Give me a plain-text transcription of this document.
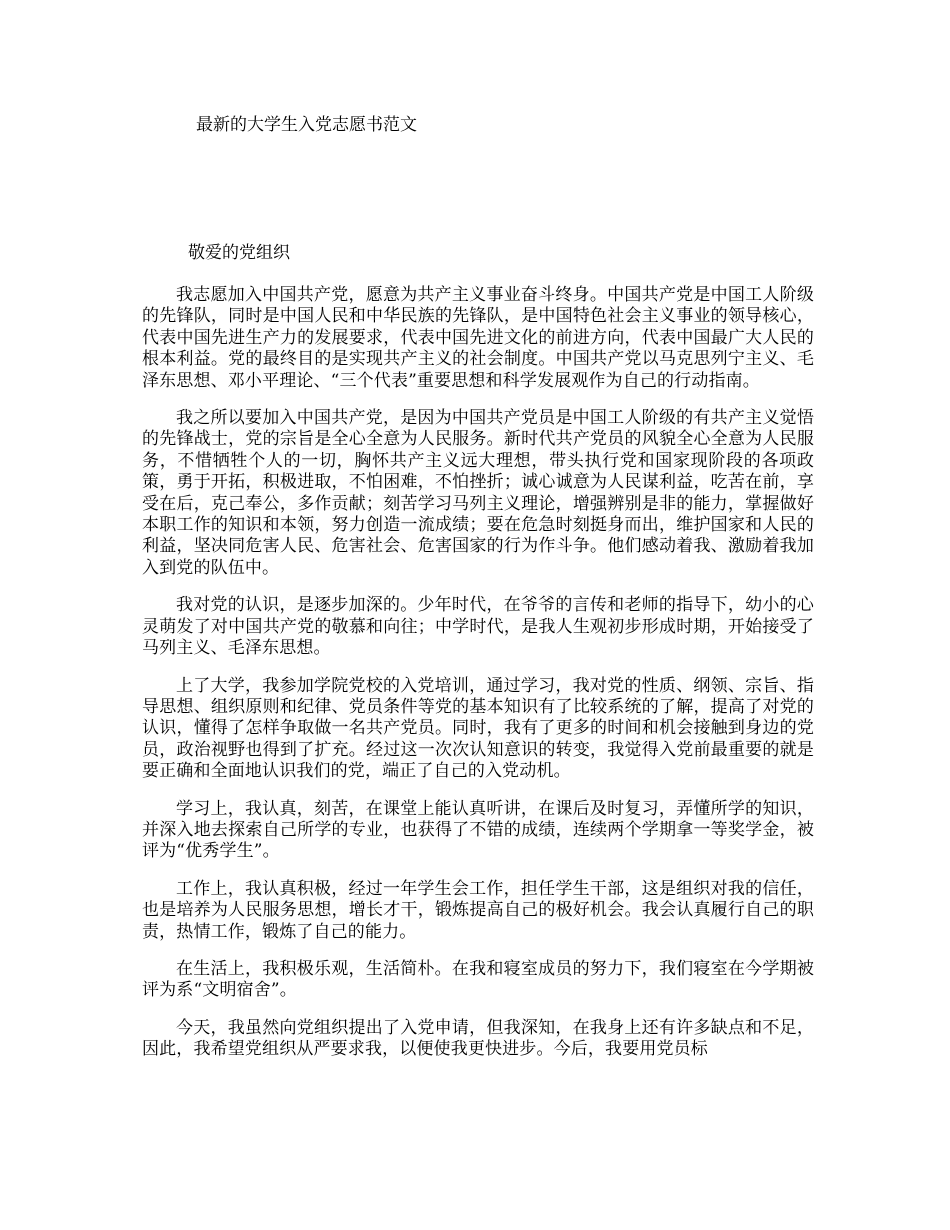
最新的大学生入党志愿书范文

敬爱的党组织

我志愿加入中国共产党，愿意为共产主义事业奋斗终身。中国共产党是中国工人阶级的先锋队，同时是中国人民和中华民族的先锋队，是中国特色社会主义事业的领导核心，代表中国先进生产力的发展要求，代表中国先进文化的前进方向，代表中国最广大人民的根本利益。党的最终目的是实现共产主义的社会制度。中国共产党以马克思列宁主义、毛泽东思想、邓小平理论、“三个代表”重要思想和科学发展观作为自己的行动指南。

我之所以要加入中国共产党，是因为中国共产党员是中国工人阶级的有共产主义觉悟的先锋战士，党的宗旨是全心全意为人民服务。新时代共产党员的风貌全心全意为人民服务，不惜牺牲个人的一切，胸怀共产主义远大理想，带头执行党和国家现阶段的各项政策，勇于开拓，积极进取，不怕困难，不怕挫折；诚心诚意为人民谋利益，吃苦在前，享受在后，克己奉公，多作贡献；刻苦学习马列主义理论，增强辨别是非的能力，掌握做好本职工作的知识和本领，努力创造一流成绩；要在危急时刻挺身而出，维护国家和人民的利益，坚决同危害人民、危害社会、危害国家的行为作斗争。他们感动着我、激励着我加入到党的队伍中。

我对党的认识，是逐步加深的。少年时代，在爷爷的言传和老师的指导下，幼小的心灵萌发了对中国共产党的敬慕和向往；中学时代，是我人生观初步形成时期，开始接受了马列主义、毛泽东思想。

上了大学，我参加学院党校的入党培训，通过学习，我对党的性质、纲领、宗旨、指导思想、组织原则和纪律、党员条件等党的基本知识有了比较系统的了解，提高了对党的认识，懂得了怎样争取做一名共产党员。同时，我有了更多的时间和机会接触到身边的党员，政治视野也得到了扩充。经过这一次次认知意识的转变，我觉得入党前最重要的就是要正确和全面地认识我们的党，端正了自己的入党动机。

学习上，我认真，刻苦，在课堂上能认真听讲，在课后及时复习，弄懂所学的知识，并深入地去探索自己所学的专业，也获得了不错的成绩，连续两个学期拿一等奖学金，被评为“优秀学生”。

工作上，我认真积极，经过一年学生会工作，担任学生干部，这是组织对我的信任，也是培养为人民服务思想，增长才干，锻炼提高自己的极好机会。我会认真履行自己的职责，热情工作，锻炼了自己的能力。

在生活上，我积极乐观，生活简朴。在我和寝室成员的努力下，我们寝室在今学期被评为系“文明宿舍”。

今天，我虽然向党组织提出了入党申请，但我深知，在我身上还有许多缺点和不足，因此，我希望党组织从严要求我，以便使我更快进步。今后，我要用党员标
